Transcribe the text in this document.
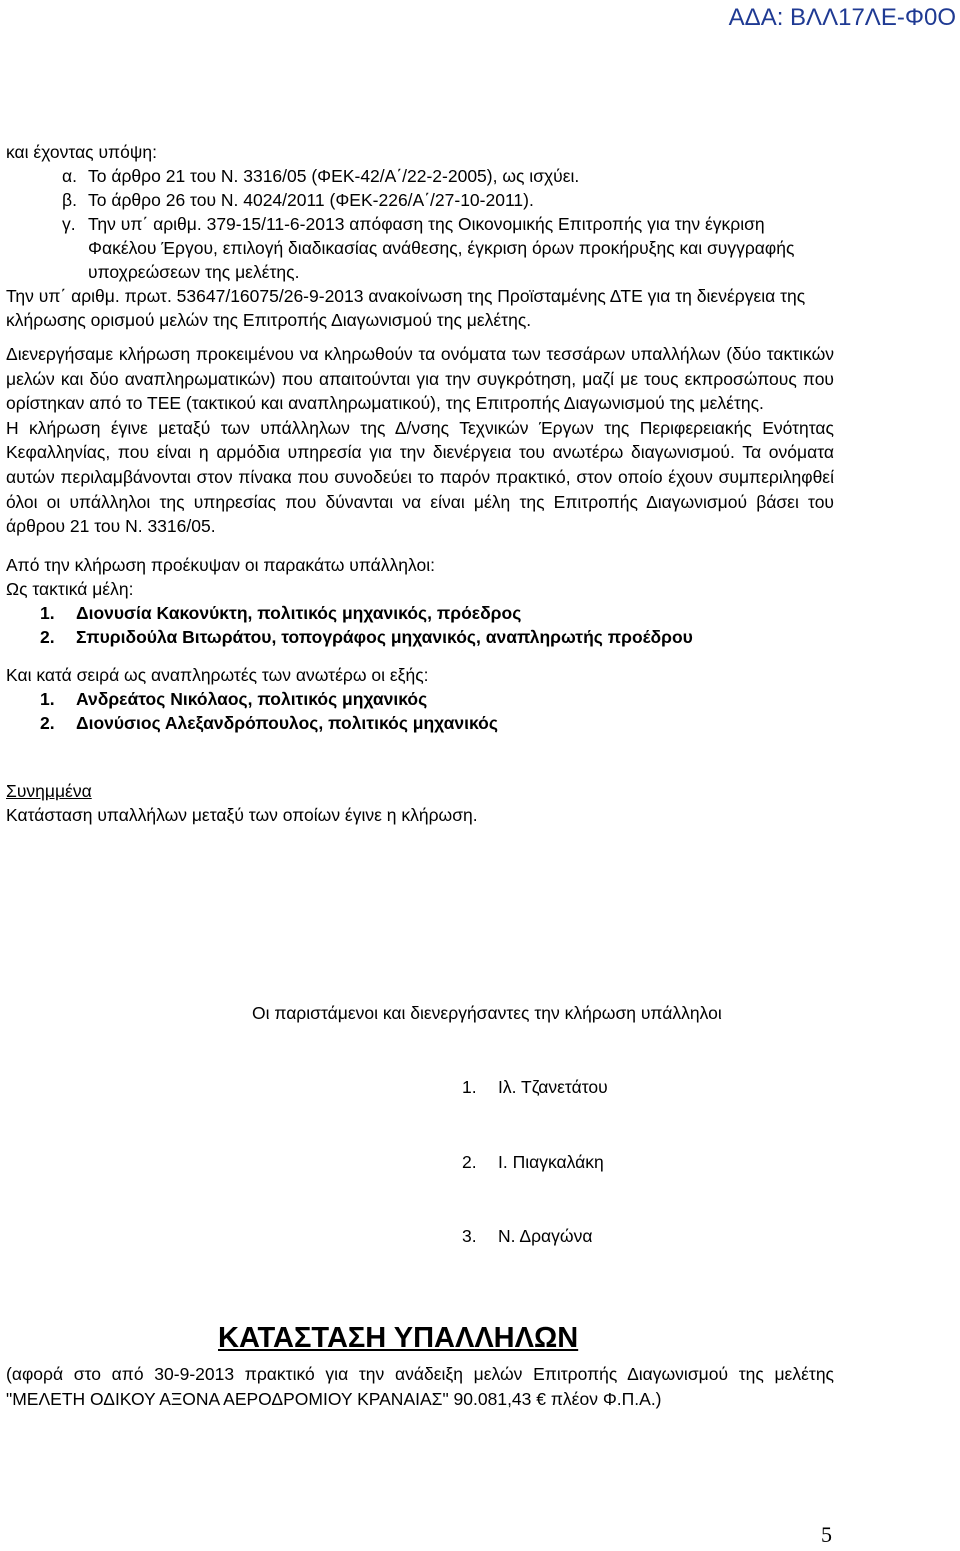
ΑΔΑ: ΒΛΛ17ΛΕ-Φ0Ο

και έχοντας υπόψη:

α. Το άρθρο 21 του Ν. 3316/05 (ΦΕΚ-42/Α΄/22-2-2005), ως ισχύει.
β. Το άρθρο 26 του Ν. 4024/2011 (ΦΕΚ-226/Α΄/27-10-2011).
γ. Την υπ΄ αριθμ. 379-15/11-6-2013 απόφαση της Οικονομικής Επιτροπής για την έγκριση Φακέλου Έργου, επιλογή διαδικασίας ανάθεσης, έγκριση όρων προκήρυξης και συγγραφής υποχρεώσεων της μελέτης.

Την υπ΄ αριθμ. πρωτ. 53647/16075/26-9-2013 ανακοίνωση της Προϊσταμένης ΔΤΕ για τη διενέργεια της κλήρωσης ορισμού μελών της Επιτροπής Διαγωνισμού της μελέτης.

Διενεργήσαμε κλήρωση προκειμένου να κληρωθούν τα ονόματα των τεσσάρων υπαλλήλων (δύο τακτικών μελών και δύο αναπληρωματικών) που απαιτούνται για την συγκρότηση, μαζί με τους εκπροσώπους που ορίστηκαν από το ΤΕΕ (τακτικού και αναπληρωματικού), της Επιτροπής Διαγωνισμού της μελέτης.

Η κλήρωση έγινε μεταξύ των υπάλληλων της Δ/νσης Τεχνικών Έργων της Περιφερειακής Ενότητας Κεφαλληνίας, που είναι η αρμόδια υπηρεσία για την διενέργεια του ανωτέρω διαγωνισμού. Τα ονόματα αυτών περιλαμβάνονται στον πίνακα που συνοδεύει το παρόν πρακτικό, στον οποίο έχουν συμπεριληφθεί όλοι οι υπάλληλοι της υπηρεσίας που δύνανται να είναι μέλη της Επιτροπής Διαγωνισμού βάσει του άρθρου 21 του Ν. 3316/05.

Από την κλήρωση προέκυψαν οι παρακάτω υπάλληλοι:

Ως τακτικά μέλη:

1.	Διονυσία Κακονύκτη, πολιτικός μηχανικός, πρόεδρος
2.	Σπυριδούλα Βιτωράτου, τοπογράφος μηχανικός, αναπληρωτής προέδρου

Και κατά σειρά ως αναπληρωτές των ανωτέρω οι εξής:

1.	Ανδρεάτος Νικόλαος, πολιτικός μηχανικός
2.	Διονύσιος Αλεξανδρόπουλος, πολιτικός μηχανικός

Συνημμένα

Κατάσταση υπαλλήλων μεταξύ των οποίων έγινε η κλήρωση.

Οι παριστάμενοι και διενεργήσαντες την κλήρωση υπάλληλοι
1. Ιλ. Τζανετάτου
2. Ι. Πιαγκαλάκη
3. Ν. Δραγώνα
ΚΑΤΑΣΤΑΣΗ ΥΠΑΛΛΗΛΩΝ
(αφορά στο από 30-9-2013 πρακτικό για την ανάδειξη μελών Επιτροπής Διαγωνισμού της μελέτης "ΜΕΛΕΤΗ ΟΔΙΚΟΥ ΑΞΟΝΑ ΑΕΡΟΔΡΟΜΙΟΥ ΚΡΑΝΑΙΑΣ" 90.081,43 € πλέον Φ.Π.Α.)
5
